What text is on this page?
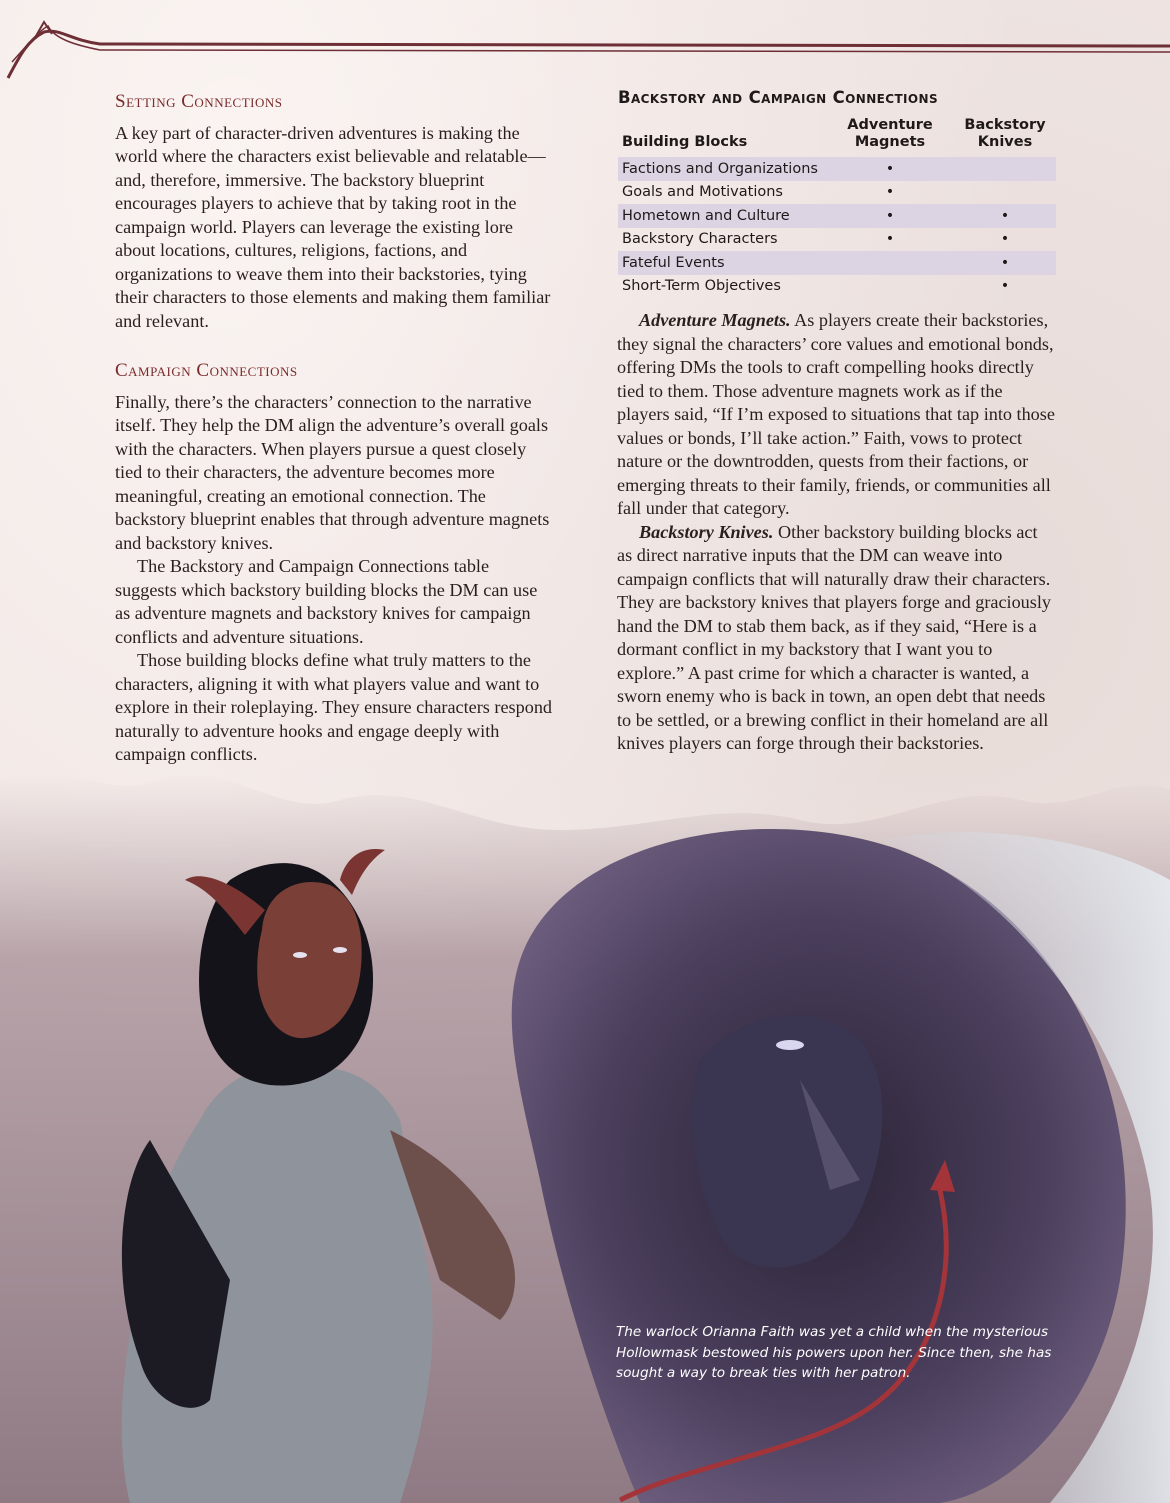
Setting Connections

A key part of character-driven adventures is making the world where the characters exist believable and relatable—and, therefore, immersive. The backstory blueprint encourages players to achieve that by taking root in the campaign world. Players can leverage the existing lore about locations, cultures, religions, factions, and organizations to weave them into their backstories, tying their characters to those elements and making them familiar and relevant.

Campaign Connections

Finally, there’s the characters’ connection to the narrative itself. They help the DM align the adventure’s overall goals with the characters. When players pursue a quest closely tied to their characters, the adventure becomes more meaningful, creating an emotional connection. The backstory blueprint enables that through adventure magnets and backstory knives.

The Backstory and Campaign Connections table suggests which backstory building blocks the DM can use as adventure magnets and backstory knives for campaign conflicts and adventure situations.

Those building blocks define what truly matters to the characters, aligning it with what players value and want to explore in their roleplaying. They ensure characters respond naturally to adventure hooks and engage deeply with campaign conflicts.

Backstory and Campaign Connections
Building Blocks	Adventure Magnets	Backstory Knives
Factions and Organizations	•	
Goals and Motivations	•	
Hometown and Culture	•	•
Backstory Characters	•	•
Fateful Events		•
Short-Term Objectives		•

Adventure Magnets. As players create their backstories, they signal the characters’ core values and emotional bonds, offering DMs the tools to craft compelling hooks directly tied to them. Those adventure magnets work as if the players said, “If I’m exposed to situations that tap into those values or bonds, I’ll take action.” Faith, vows to protect nature or the downtrodden, quests from their factions, or emerging threats to their family, friends, or communities all fall under that category.

Backstory Knives. Other backstory building blocks act as direct narrative inputs that the DM can weave into campaign conflicts that will naturally draw their characters. They are backstory knives that players forge and graciously hand the DM to stab them back, as if they said, “Here is a dormant conflict in my backstory that I want you to explore.” A past crime for which a character is wanted, a sworn enemy who is back in town, an open debt that needs to be settled, or a brewing conflict in their homeland are all knives players can forge through their backstories.

The warlock Orianna Faith was yet a child when the mysterious Hollowmask bestowed his powers upon her. Since then, she has sought a way to break ties with her patron.
